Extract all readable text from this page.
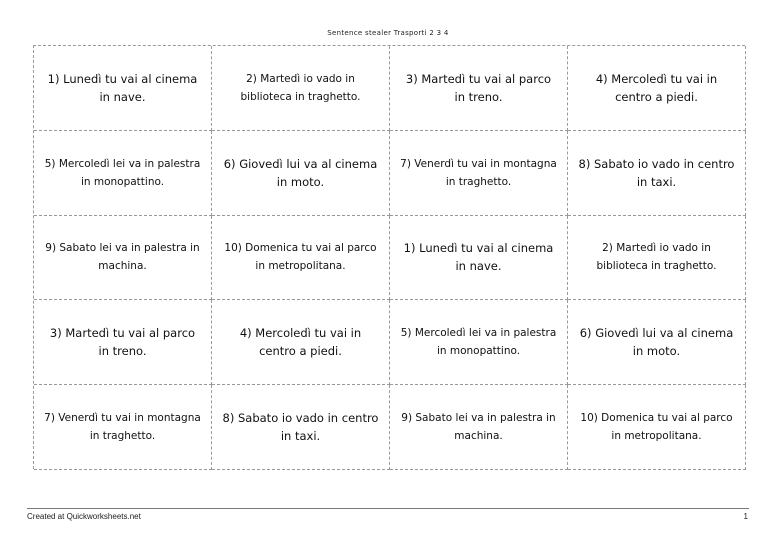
Sentence stealer Trasporti 2 3 4
1) Lunedì tu vai al cinema in nave.
2) Martedì io vado in biblioteca in traghetto.
3) Martedì tu vai al parco in treno.
4) Mercoledì tu vai in centro a piedi.
5) Mercoledì lei va in palestra in monopattino.
6) Giovedì lui va al cinema in moto.
7) Venerdì tu vai in montagna in traghetto.
8) Sabato io vado in centro in taxi.
9) Sabato lei va in palestra in machina.
10) Domenica tu vai al parco in metropolitana.
1) Lunedì tu vai al cinema in nave.
2) Martedì io vado in biblioteca in traghetto.
3) Martedì tu vai al parco in treno.
4) Mercoledì tu vai in centro a piedi.
5) Mercoledì lei va in palestra in monopattino.
6) Giovedì lui va al cinema in moto.
7) Venerdì tu vai in montagna in traghetto.
8) Sabato io vado in centro in taxi.
9) Sabato lei va in palestra in machina.
10) Domenica tu vai al parco in metropolitana.
Created at Quickworksheets.net	1
